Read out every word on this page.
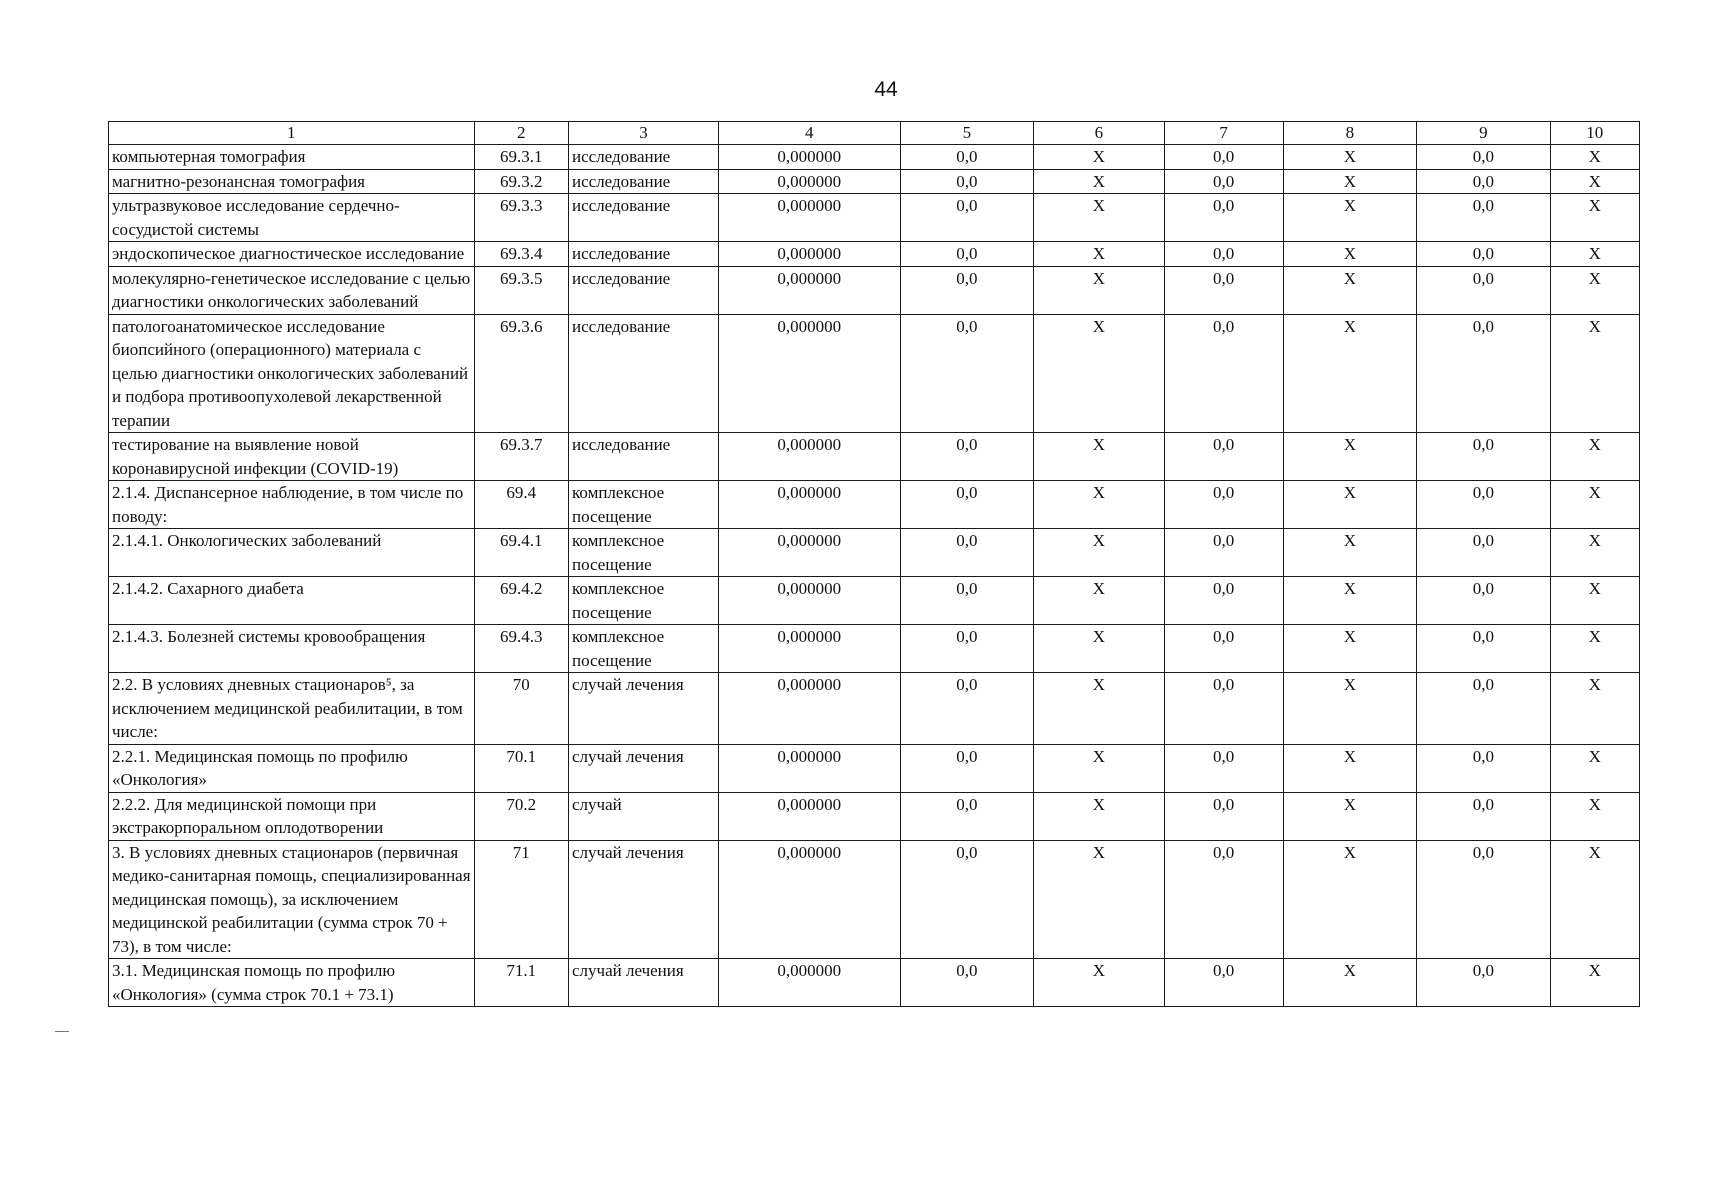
44
1	2	3	4	5	6	7	8	9	10
компьютерная томография	69.3.1	исследование	0,000000	0,0	X	0,0	X	0,0	X
магнитно-резонансная томография	69.3.2	исследование	0,000000	0,0	X	0,0	X	0,0	X
ультразвуковое исследование сердечно-сосудистой системы	69.3.3	исследование	0,000000	0,0	X	0,0	X	0,0	X
эндоскопическое диагностическое исследование	69.3.4	исследование	0,000000	0,0	X	0,0	X	0,0	X
молекулярно-генетическое исследование с целью диагностики онкологических заболеваний	69.3.5	исследование	0,000000	0,0	X	0,0	X	0,0	X
патологоанатомическое исследование биопсийного (операционного) материала с целью диагностики онкологических заболеваний и подбора противоопухолевой лекарственной терапии	69.3.6	исследование	0,000000	0,0	X	0,0	X	0,0	X
тестирование на выявление новой коронавирусной инфекции (COVID-19)	69.3.7	исследование	0,000000	0,0	X	0,0	X	0,0	X
2.1.4. Диспансерное наблюдение, в том числе по поводу:	69.4	комплексное посещение	0,000000	0,0	X	0,0	X	0,0	X
2.1.4.1. Онкологических заболеваний	69.4.1	комплексное посещение	0,000000	0,0	X	0,0	X	0,0	X
2.1.4.2. Сахарного диабета	69.4.2	комплексное посещение	0,000000	0,0	X	0,0	X	0,0	X
2.1.4.3. Болезней системы кровообращения	69.4.3	комплексное посещение	0,000000	0,0	X	0,0	X	0,0	X
2.2. В условиях дневных стационаров⁵, за исключением медицинской реабилитации, в том числе:	70	случай лечения	0,000000	0,0	X	0,0	X	0,0	X
2.2.1. Медицинская помощь по профилю «Онкология»	70.1	случай лечения	0,000000	0,0	X	0,0	X	0,0	X
2.2.2. Для медицинской помощи при экстракорпоральном оплодотворении	70.2	случай	0,000000	0,0	X	0,0	X	0,0	X
3. В условиях дневных стационаров (первичная медико-санитарная помощь, специализированная медицинская помощь), за исключением медицинской реабилитации (сумма строк 70 + 73), в том числе:	71	случай лечения	0,000000	0,0	X	0,0	X	0,0	X
3.1. Медицинская помощь по профилю «Онкология» (сумма строк 70.1 + 73.1)	71.1	случай лечения	0,000000	0,0	X	0,0	X	0,0	X
